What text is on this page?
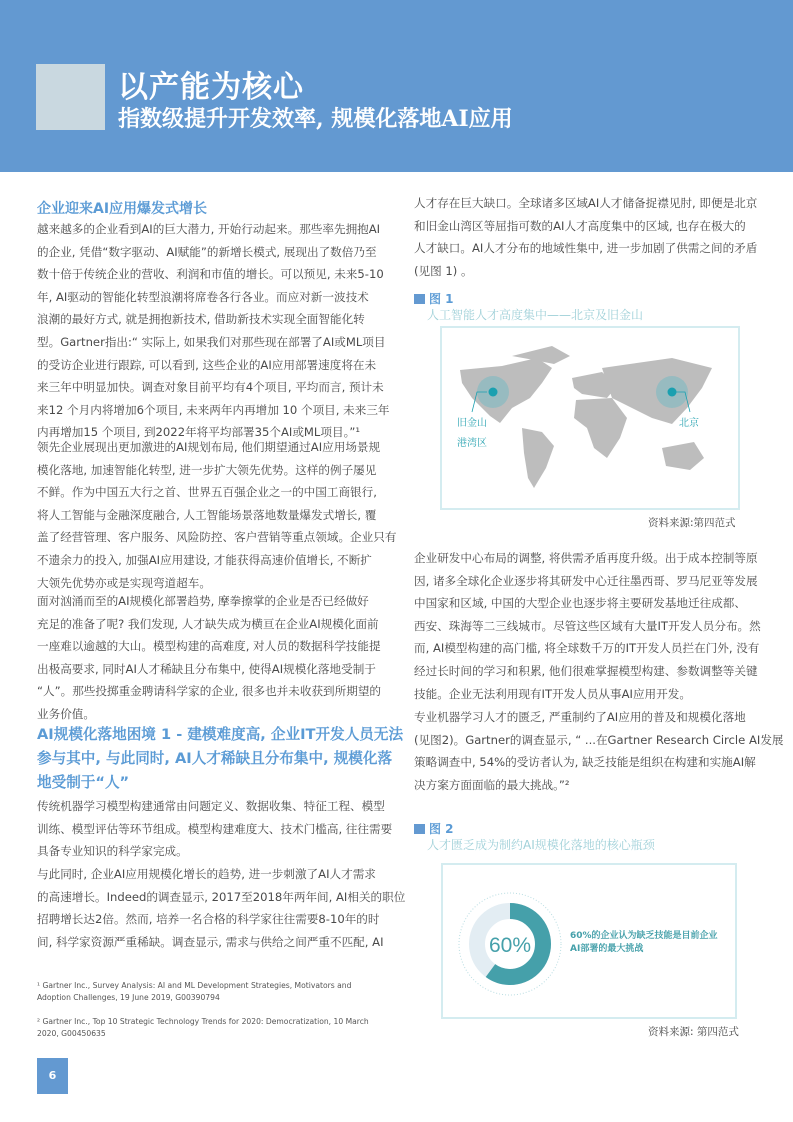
以产能为核心
指数级提升开发效率, 规模化落地AI应用
企业迎来AI应用爆发式增长
越来越多的企业看到AI的巨大潜力, 开始行动起来。那些率先拥抱AI
的企业, 凭借“数字驱动、AI赋能”的新增长模式, 展现出了数倍乃至
数十倍于传统企业的营收、利润和市值的增长。可以预见, 未来5-10
年, AI驱动的智能化转型浪潮将席卷各行各业。而应对新一波技术
浪潮的最好方式, 就是拥抱新技术, 借助新技术实现全面智能化转
型。Gartner指出:“ 实际上, 如果我们对那些现在部署了AI或ML项目
的受访企业进行跟踪, 可以看到, 这些企业的AI应用部署速度将在未
来三年中明显加快。调查对象目前平均有4个项目, 平均而言, 预计未
来12 个月内将增加6个项目, 未来两年内再增加 10 个项目, 未来三年
内再增加15 个项目, 到2022年将平均部署35个AI或ML项目。”¹
领先企业展现出更加激进的AI规划布局, 他们期望通过AI应用场景规
模化落地, 加速智能化转型, 进一步扩大领先优势。这样的例子屡见
不鲜。作为中国五大行之首、世界五百强企业之一的中国工商银行,
将人工智能与金融深度融合, 人工智能场景落地数量爆发式增长, 覆
盖了经营管理、客户服务、风险防控、客户营销等重点领域。企业只有
不遗余力的投入, 加强AI应用建设, 才能获得高速价值增长, 不断扩
大领先优势亦或是实现弯道超车。
面对汹涌而至的AI规模化部署趋势, 摩拳擦掌的企业是否已经做好
充足的准备了呢? 我们发现, 人才缺失成为横亘在企业AI规模化面前
一座难以逾越的大山。模型构建的高难度, 对人员的数据科学技能提
出极高要求, 同时AI人才稀缺且分布集中, 使得AI规模化落地受制于
“人”。那些投掷重金聘请科学家的企业, 很多也并未收获到所期望的
业务价值。
AI规模化落地困境 1 - 建模难度高, 企业IT开发人员无法
参与其中, 与此同时, AI人才稀缺且分布集中, 规模化落
地受制于“人”
传统机器学习模型构建通常由问题定义、数据收集、特征工程、模型
训练、模型评估等环节组成。模型构建难度大、技术门槛高, 往往需要
具备专业知识的科学家完成。
与此同时, 企业AI应用规模化增长的趋势, 进一步刺激了AI人才需求
的高速增长。Indeed的调查显示, 2017至2018年两年间, AI相关的职位
招聘增长达2倍。然而, 培养一名合格的科学家往往需要8-10年的时
间, 科学家资源严重稀缺。调查显示, 需求与供给之间严重不匹配, AI
¹ Gartner Inc., Survey Analysis: AI and ML Development Strategies, Motivators and
Adoption Challenges, 19 June 2019, G00390794
² Gartner Inc., Top 10 Strategic Technology Trends for 2020: Democratization, 10 March
2020, G00450635
人才存在巨大缺口。全球诸多区域AI人才储备捉襟见肘, 即便是北京
和旧金山湾区等屈指可数的AI人才高度集中的区域, 也存在极大的
人才缺口。AI人才分布的地域性集中, 进一步加剧了供需之间的矛盾
(见图 1) 。
图 1
人工智能人才高度集中——北京及旧金山
旧金山
港湾区
北京
资料来源:第四范式
企业研发中心布局的调整, 将供需矛盾再度升级。出于成本控制等原
因, 诸多全球化企业逐步将其研发中心迁往墨西哥、罗马尼亚等发展
中国家和区域, 中国的大型企业也逐步将主要研发基地迁往成都、
西安、珠海等二三线城市。尽管这些区域有大量IT开发人员分布。然
而, AI模型构建的高门槛, 将全球数千万的IT开发人员拦在门外, 没有
经过长时间的学习和积累, 他们很难掌握模型构建、参数调整等关键
技能。企业无法利用现有IT开发人员从事AI应用开发。
专业机器学习人才的匮乏, 严重制约了AI应用的普及和规模化落地
(见图2)。Gartner的调查显示, “ ...在Gartner Research Circle AI发展
策略调查中, 54%的受访者认为, 缺乏技能是组织在构建和实施AI解
决方案方面面临的最大挑战。”²
图 2
人才匮乏成为制约AI规模化落地的核心瓶颈
60%	60%的企业认为缺乏技能是目前企业
AI部署的最大挑战
资料来源: 第四范式
6
